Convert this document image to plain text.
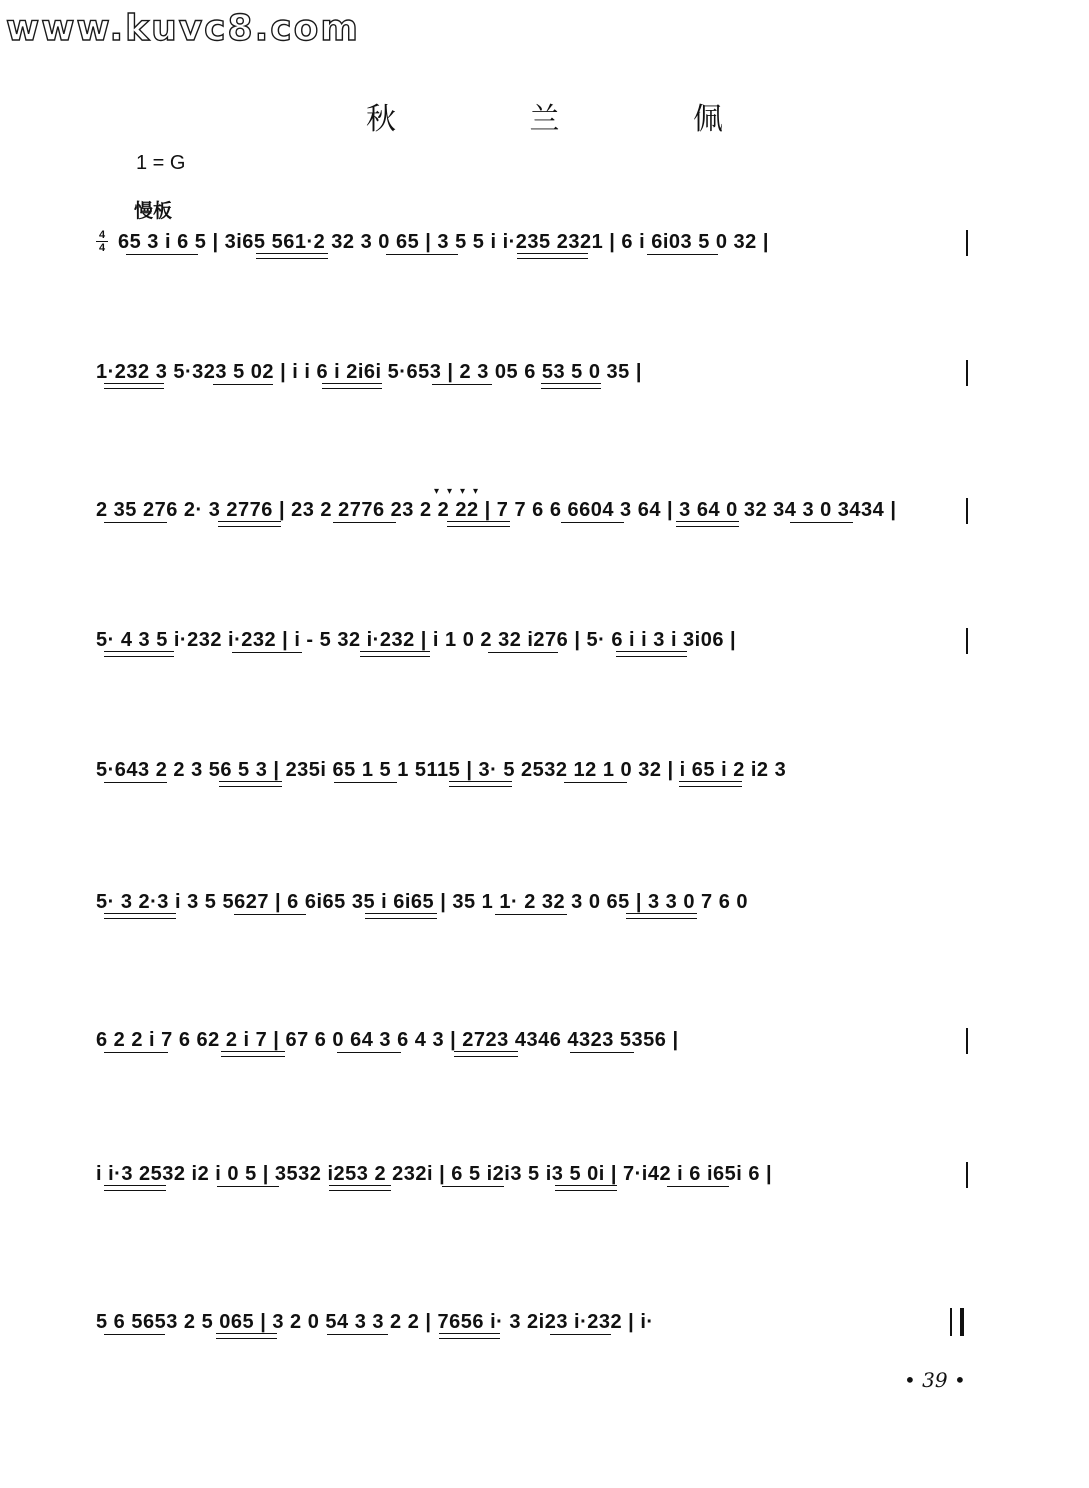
www.kuvc8.com
秋 兰 佩
1 = G
慢板
4
4
▾▾▾▾
65 3 i 6 5 | 3i65 561·2 32 3 0 65 | 3 5 5 i i·235 2321 | 6 i 6i03 5 0 32 |
1·232 3 5·323 5 02 | i i 6 i 2i6i 5·653 | 2 3 05 6 53 5 0 35 |
2 35 276 2· 3 2776 | 23 2 2776 23 2 2 22 | 7 7 6 6 6604 3 64 | 3 64 0 32 34 3 0 3434 |
5· 4 3 5 i·232 i·232 | i - 5 32 i·232 | i 1 0 2 32 i276 | 5· 6 i i 3 i 3i06 |
5·643 2 2 3 56 5 3 | 235i 65 1 5 1 5115 | 3· 5 2532 12 1 0 32 | i 65 i 2 i2 3
5· 3 2·3 i 3 5 5627 | 6 6i65 35 i 6i65 | 35 1 1· 2 32 3 0 65 | 3 3 0 7 6 0
6 2 2 i 7 6 62 2 i 7 | 67 6 0 64 3 6 4 3 | 2723 4346 4323 5356 |
i i·3 2532 i2 i 0 5 | 3532 i253 2 232i | 6 5 i2i3 5 i3 5 0i | 7·i42 i 6 i65i 6 |
5 6 5653 2 5 065 | 3 2 0 54 3 3 2 2 | 7656 i· 3 2i23 i·232 | i·
• 39 •
